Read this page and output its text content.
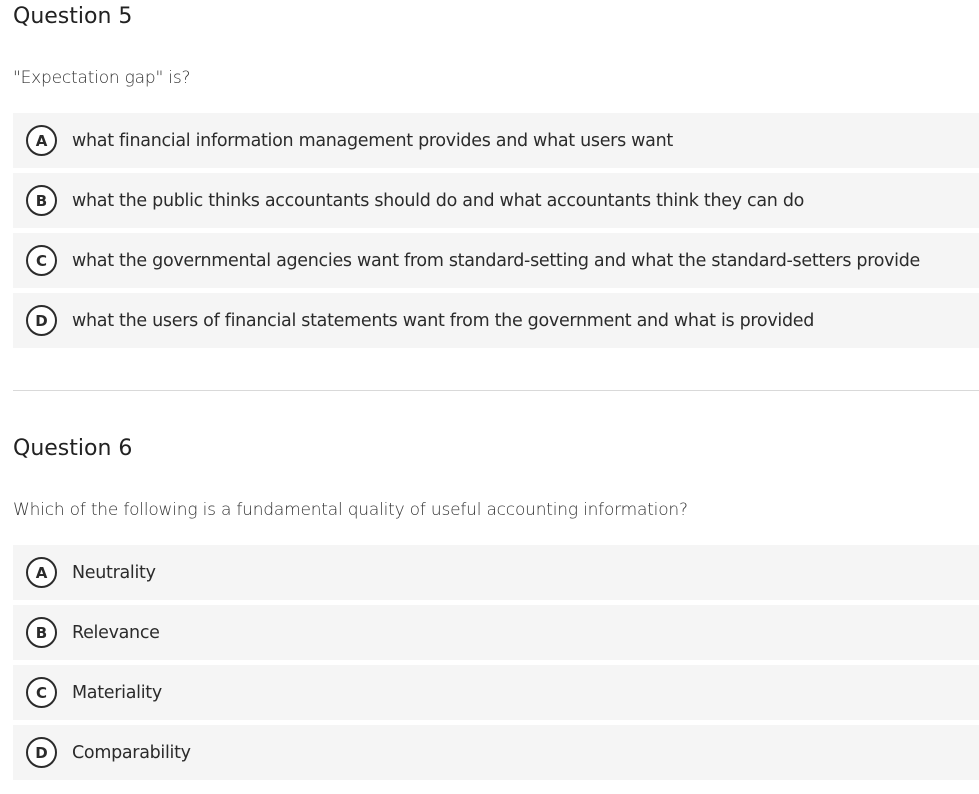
Question 5
"Expectation gap" is?
A	what financial information management provides and what users want
B	what the public thinks accountants should do and what accountants think they can do
C	what the governmental agencies want from standard-setting and what the standard-setters provide
D	what the users of financial statements want from the government and what is provided
Question 6
Which of the following is a fundamental quality of useful accounting information?
A	Neutrality
B	Relevance
C	Materiality
D	Comparability
